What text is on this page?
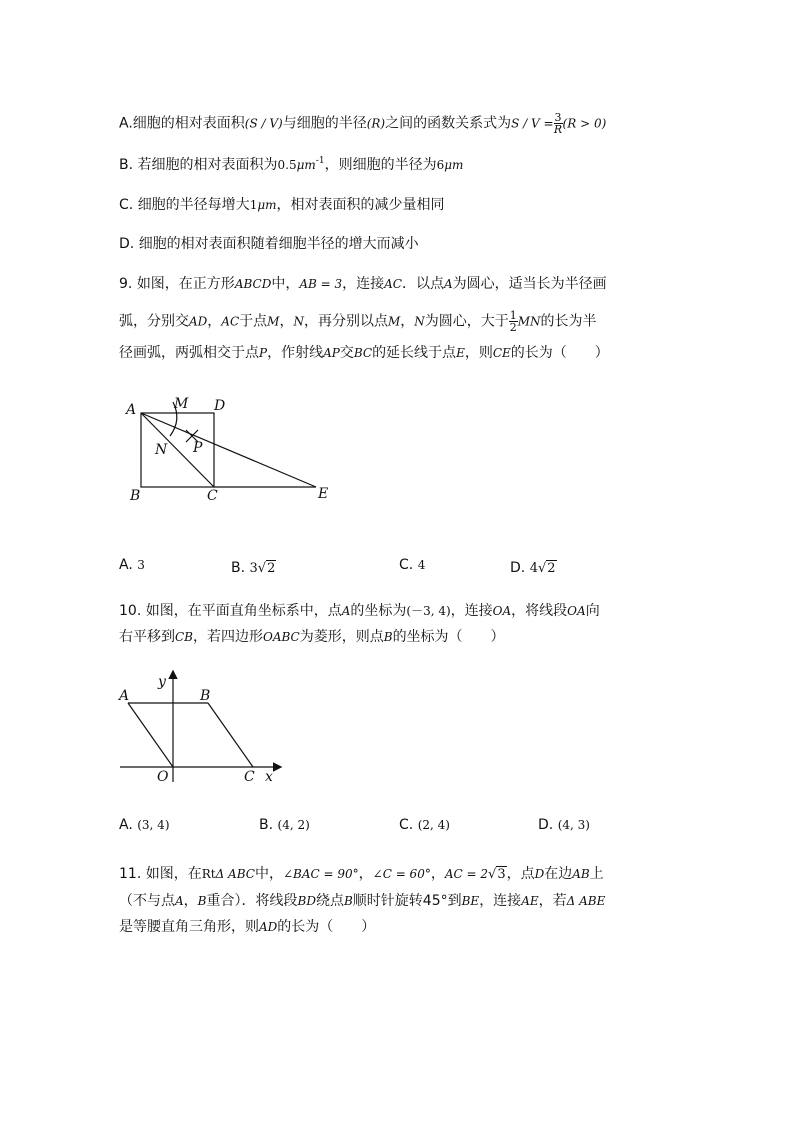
A.细胞的相对表面积(S / V)与细胞的半径(R)之间的函数关系式为$S / V = \frac{3}{R} (R > 0)$
B. 若细胞的相对表面积为$0.5\mu m^{-1}$，则细胞的半径为6μm
C. 细胞的半径每增大1μm，相对表面积的减少量相同
D. 细胞的相对表面积随着细胞半径的增大而减小
9. 如图，在正方形ABCD中，AB = 3，连接AC．以点A为圆心，适当长为半径画
弧，分别交AD，AC于点M，N，再分别以点M，N为圆心，大于 $\frac{1}{2}$ MN的长为半
径画弧，两弧相交于点P，作射线AP交BC的延长线于点E，则CE的长为（　　）
A	M D
N P
B	C	E
A. 3	B. 3√2	C. 4	D. 4√2
10. 如图，在平面直角坐标系中，点A的坐标为(－3, 4)，连接OA，将线段OA向
右平移到CB，若四边形OABC为菱形，则点B的坐标为（　　）
y
A	B
O	C x
A. (3, 4)	B. (4, 2)	C. (2, 4)	D. (4, 3)
11. 如图，在RtΔ ABC中，∠BAC = 90°，∠C = 60°，AC = 2√3，点D在边AB上
（不与点A，B重合）．将线段BD绕点B顺时针旋转45°到BE，连接AE，若Δ ABE
是等腰直角三角形，则AD的长为（　　）
